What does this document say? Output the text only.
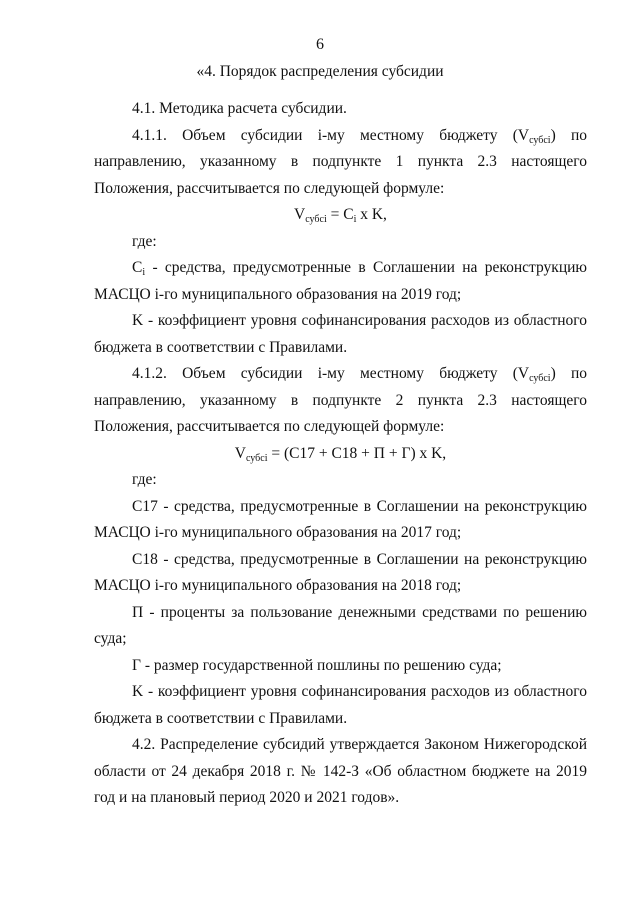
6
«4. Порядок распределения субсидии

4.1. Методика расчета субсидии.

4.1.1. Объем субсидии i-му местному бюджету $(V_{субсi})$ по направлению, указанному в подпункте 1 пункта 2.3 настоящего Положения, рассчитывается по следующей формуле:

$V_{субсi} = C_i$ x K,

где:

$C_i$ - средства, предусмотренные в Соглашении на реконструкцию МАСЦО i-го муниципального образования на 2019 год;

K - коэффициент уровня софинансирования расходов из областного бюджета в соответствии с Правилами.

4.1.2. Объем субсидии i-му местному бюджету $(V_{субсi})$ по направлению, указанному в подпункте 2 пункта 2.3 настоящего Положения, рассчитывается по следующей формуле:

$V_{субсi} = (C17 + C18 + П + Г)$ x K,

где:

C17 - средства, предусмотренные в Соглашении на реконструкцию МАСЦО i-го муниципального образования на 2017 год;

C18 - средства, предусмотренные в Соглашении на реконструкцию МАСЦО i-го муниципального образования на 2018 год;

П - проценты за пользование денежными средствами по решению суда;

Г - размер государственной пошлины по решению суда;

K - коэффициент уровня софинансирования расходов из областного бюджета в соответствии с Правилами.

4.2. Распределение субсидий утверждается Законом Нижегородской области от 24 декабря 2018 г. № 142-З «Об областном бюджете на 2019 год и на плановый период 2020 и 2021 годов».
